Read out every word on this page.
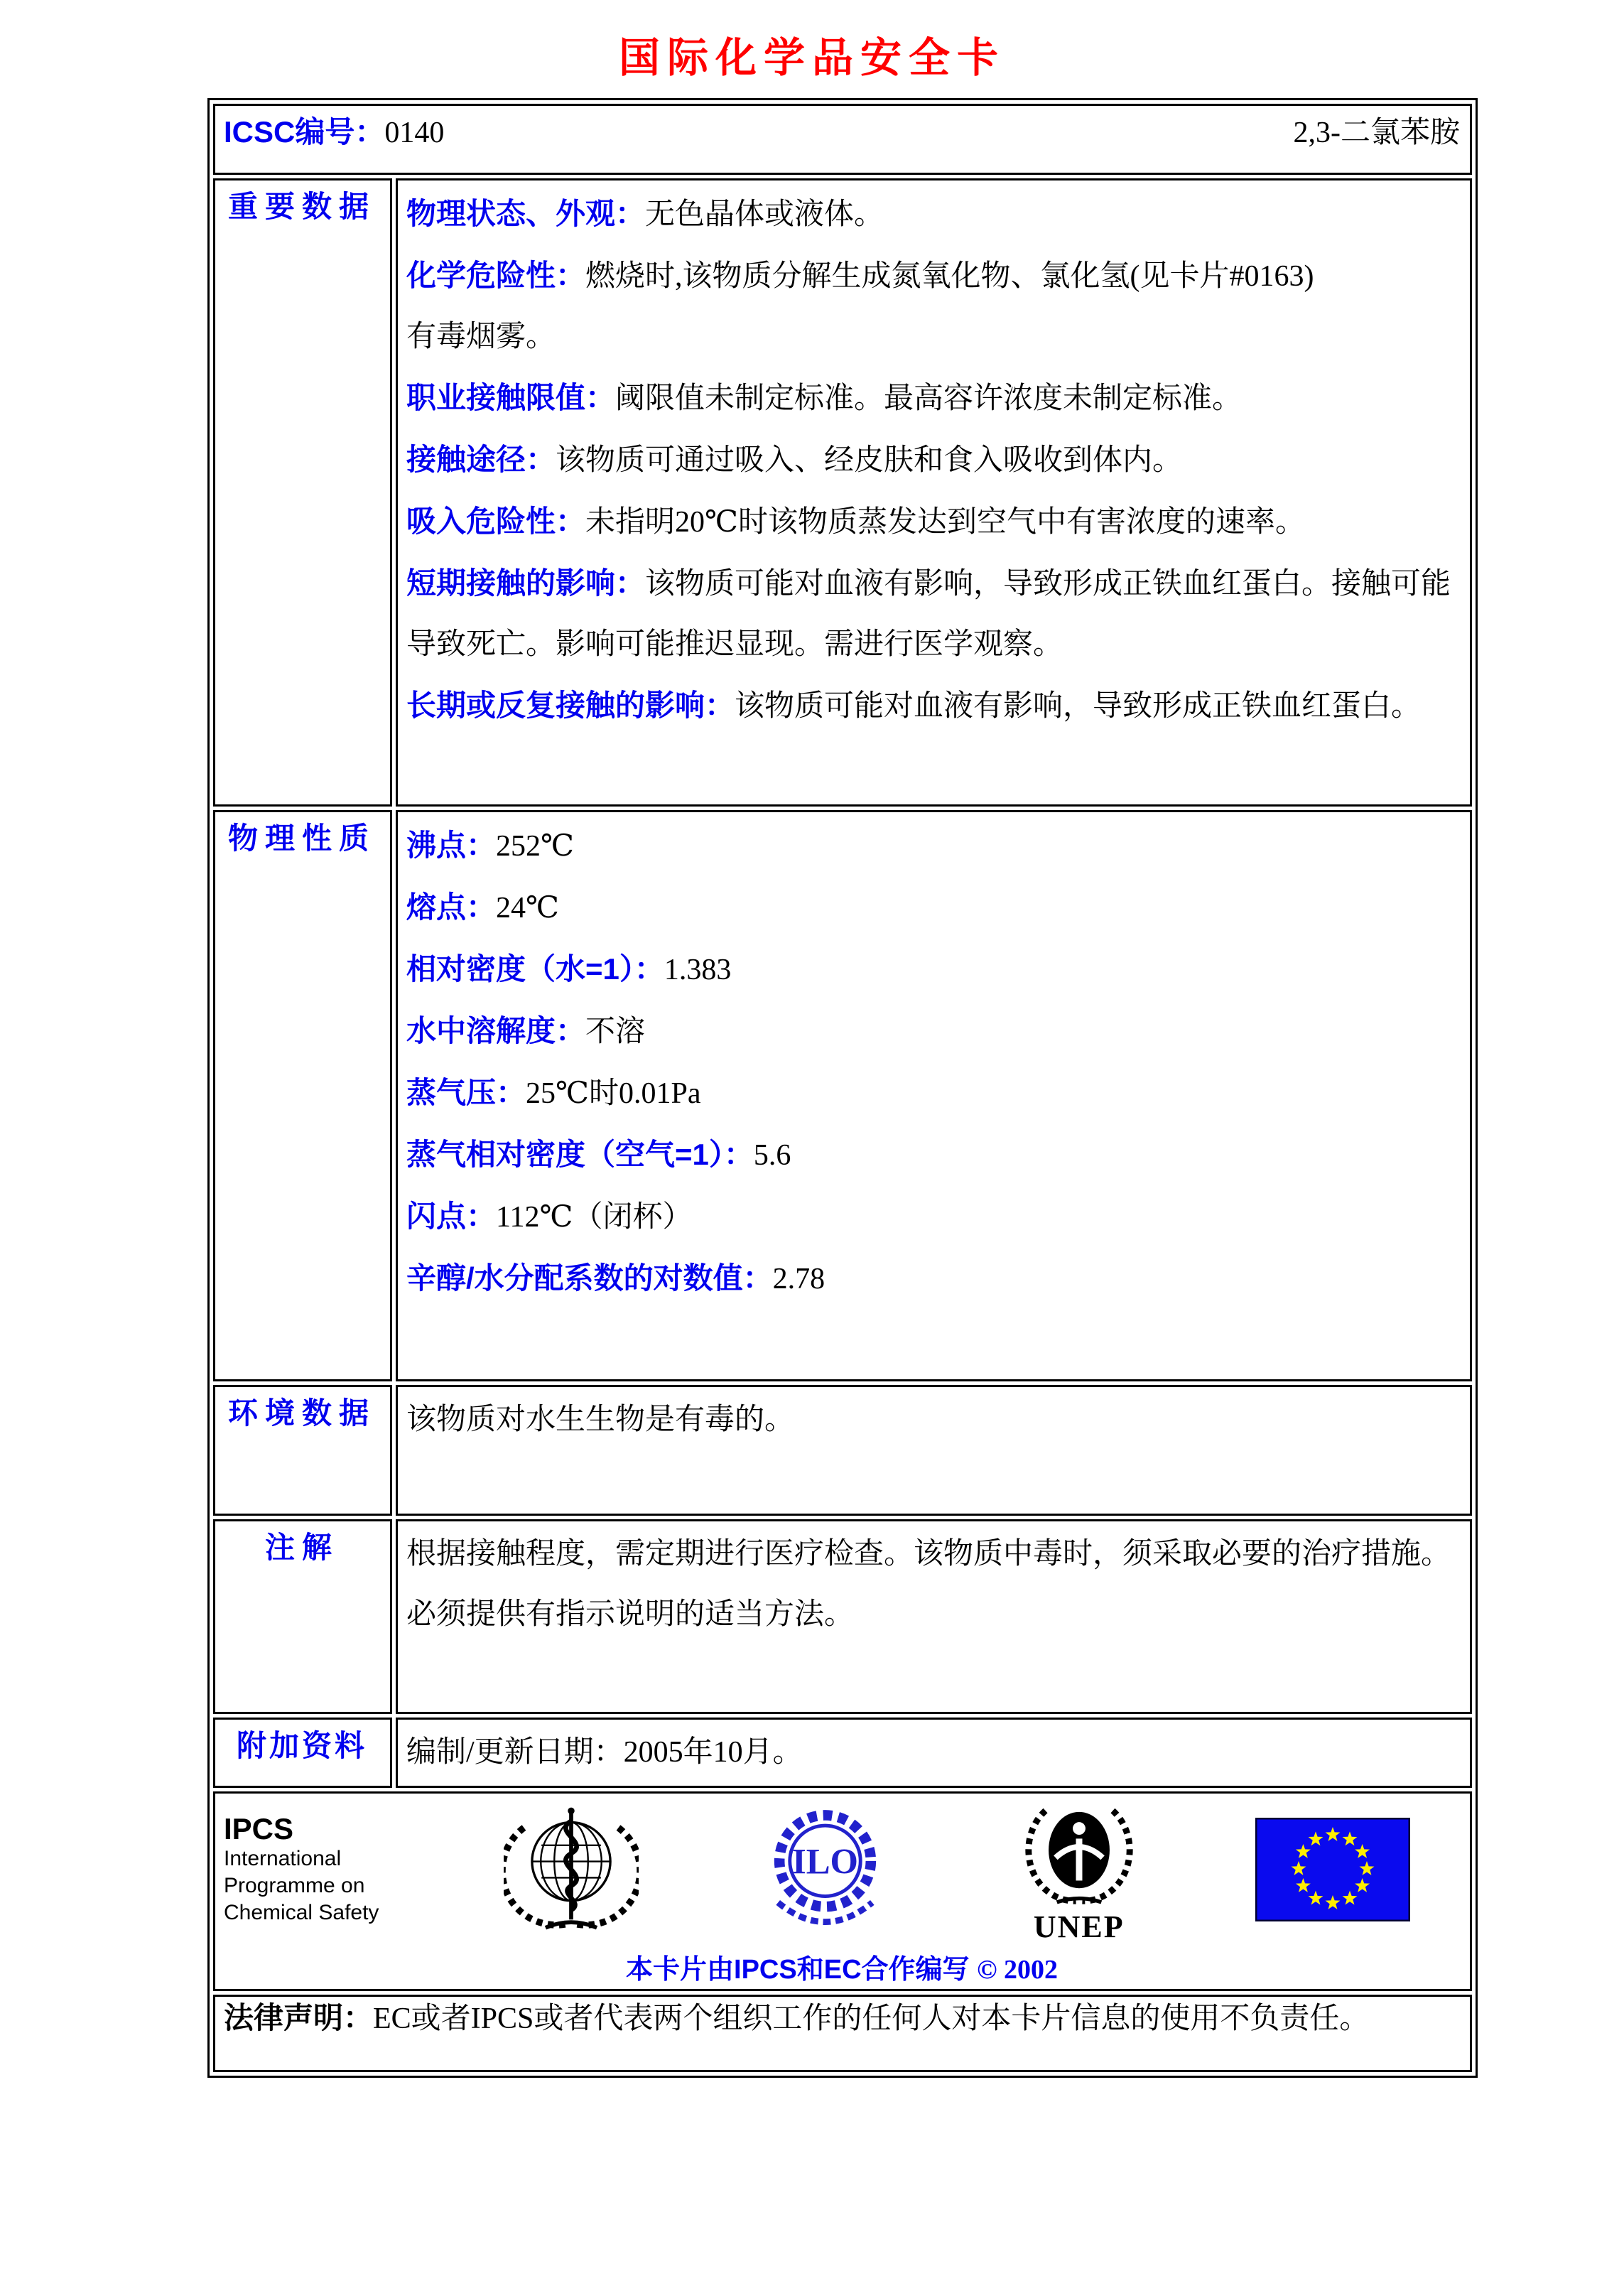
国际化学品安全卡
ICSC编号：0140 2,3-二氯苯胺	

重要数据	物理状态、外观：无色晶体或液体。

化学危险性：燃烧时,该物质分解生成氮氧化物、氯化氢(见卡片#0163)
有毒烟雾。

职业接触限值：阈限值未制定标准。最高容许浓度未制定标准。

接触途径：该物质可通过吸入、经皮肤和食入吸收到体内。

吸入危险性：未指明20℃时该物质蒸发达到空气中有害浓度的速率。

短期接触的影响：该物质可能对血液有影响，导致形成正铁血红蛋白。接触可能导致死亡。影响可能推迟显现。需进行医学观察。

长期或反复接触的影响：该物质可能对血液有影响，导致形成正铁血红蛋白。

物理性质	沸点：252℃

熔点：24℃

相对密度（水=1）：1.383

水中溶解度：不溶

蒸气压：25℃时0.01Pa

蒸气相对密度（空气=1）：5.6

闪点：112℃（闭杯）

辛醇/水分配系数的对数值：2.78

环境数据	该物质对水生生物是有毒的。

注解	根据接触程度，需定期进行医疗检查。该物质中毒时，须采取必要的治疗措施。必须提供有指示说明的适当方法。

附加资料	编制/更新日期：2005年10月。

IPCS
International
Programme on
Chemical Safety
ILO
UNEP
本卡片由IPCS和EC合作编写 © 2002

法律声明：EC或者IPCS或者代表两个组织工作的任何人对本卡片信息的使用不负责任。	
